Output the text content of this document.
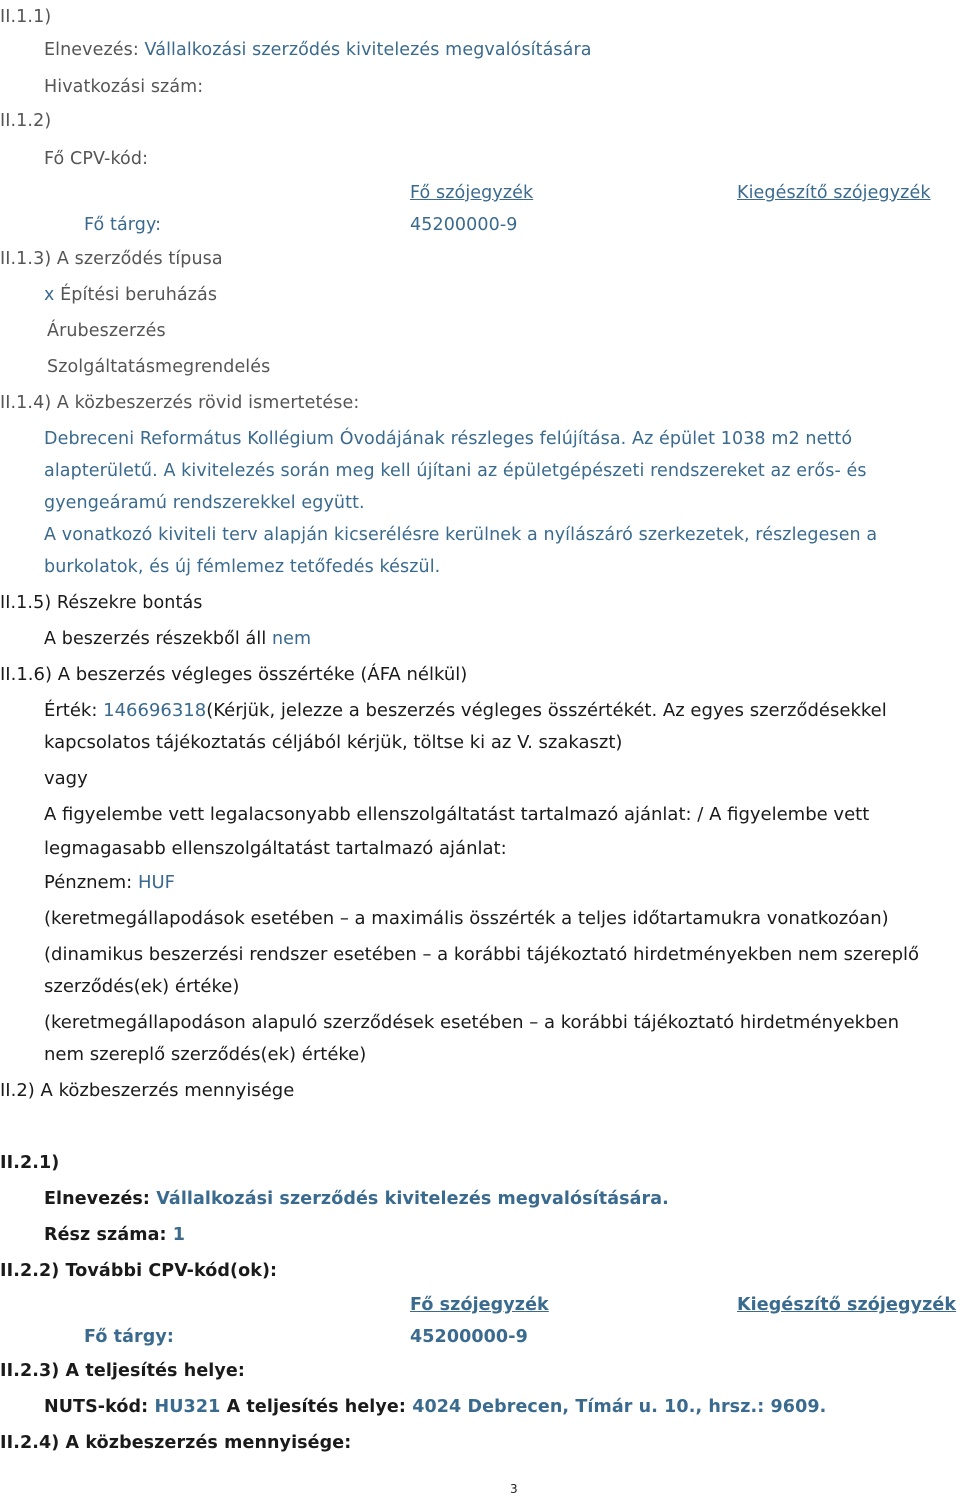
II.1.1)
Elnevezés: Vállalkozási szerződés kivitelezés megvalósítására
Hivatkozási szám:
II.1.2)
Fő CPV-kód:
Fő szójegyzék	Kiegészítő szójegyzék
Fő tárgy:	45200000-9
II.1.3) A szerződés típusa
x Építési beruházás
Árubeszerzés
Szolgáltatásmegrendelés
II.1.4) A közbeszerzés rövid ismertetése:
Debreceni Református Kollégium Óvodájának részleges felújítása. Az épület 1038 m2 nettó
alapterületű. A kivitelezés során meg kell újítani az épületgépészeti rendszereket az erős- és
gyengeáramú rendszerekkel együtt.
A vonatkozó kiviteli terv alapján kicserélésre kerülnek a nyílászáró szerkezetek, részlegesen a
burkolatok, és új fémlemez tetőfedés készül.
II.1.5) Részekre bontás
A beszerzés részekből áll nem
II.1.6) A beszerzés végleges összértéke (ÁFA nélkül)
Érték: 146696318(Kérjük, jelezze a beszerzés végleges összértékét. Az egyes szerződésekkel
kapcsolatos tájékoztatás céljából kérjük, töltse ki az V. szakaszt)
vagy
A figyelembe vett legalacsonyabb ellenszolgáltatást tartalmazó ajánlat: / A figyelembe vett
legmagasabb ellenszolgáltatást tartalmazó ajánlat:
Pénznem: HUF
(keretmegállapodások esetében – a maximális összérték a teljes időtartamukra vonatkozóan)
(dinamikus beszerzési rendszer esetében – a korábbi tájékoztató hirdetményekben nem szereplő
szerződés(ek) értéke)
(keretmegállapodáson alapuló szerződések esetében – a korábbi tájékoztató hirdetményekben
nem szereplő szerződés(ek) értéke)
II.2) A közbeszerzés mennyisége
II.2.1)
Elnevezés: Vállalkozási szerződés kivitelezés megvalósítására.
Rész száma: 1
II.2.2) További CPV-kód(ok):
Fő szójegyzék	Kiegészítő szójegyzék
Fő tárgy:	45200000-9
II.2.3) A teljesítés helye:
NUTS-kód: HU321 A teljesítés helye: 4024 Debrecen, Tímár u. 10., hrsz.: 9609.
II.2.4) A közbeszerzés mennyisége:
3
